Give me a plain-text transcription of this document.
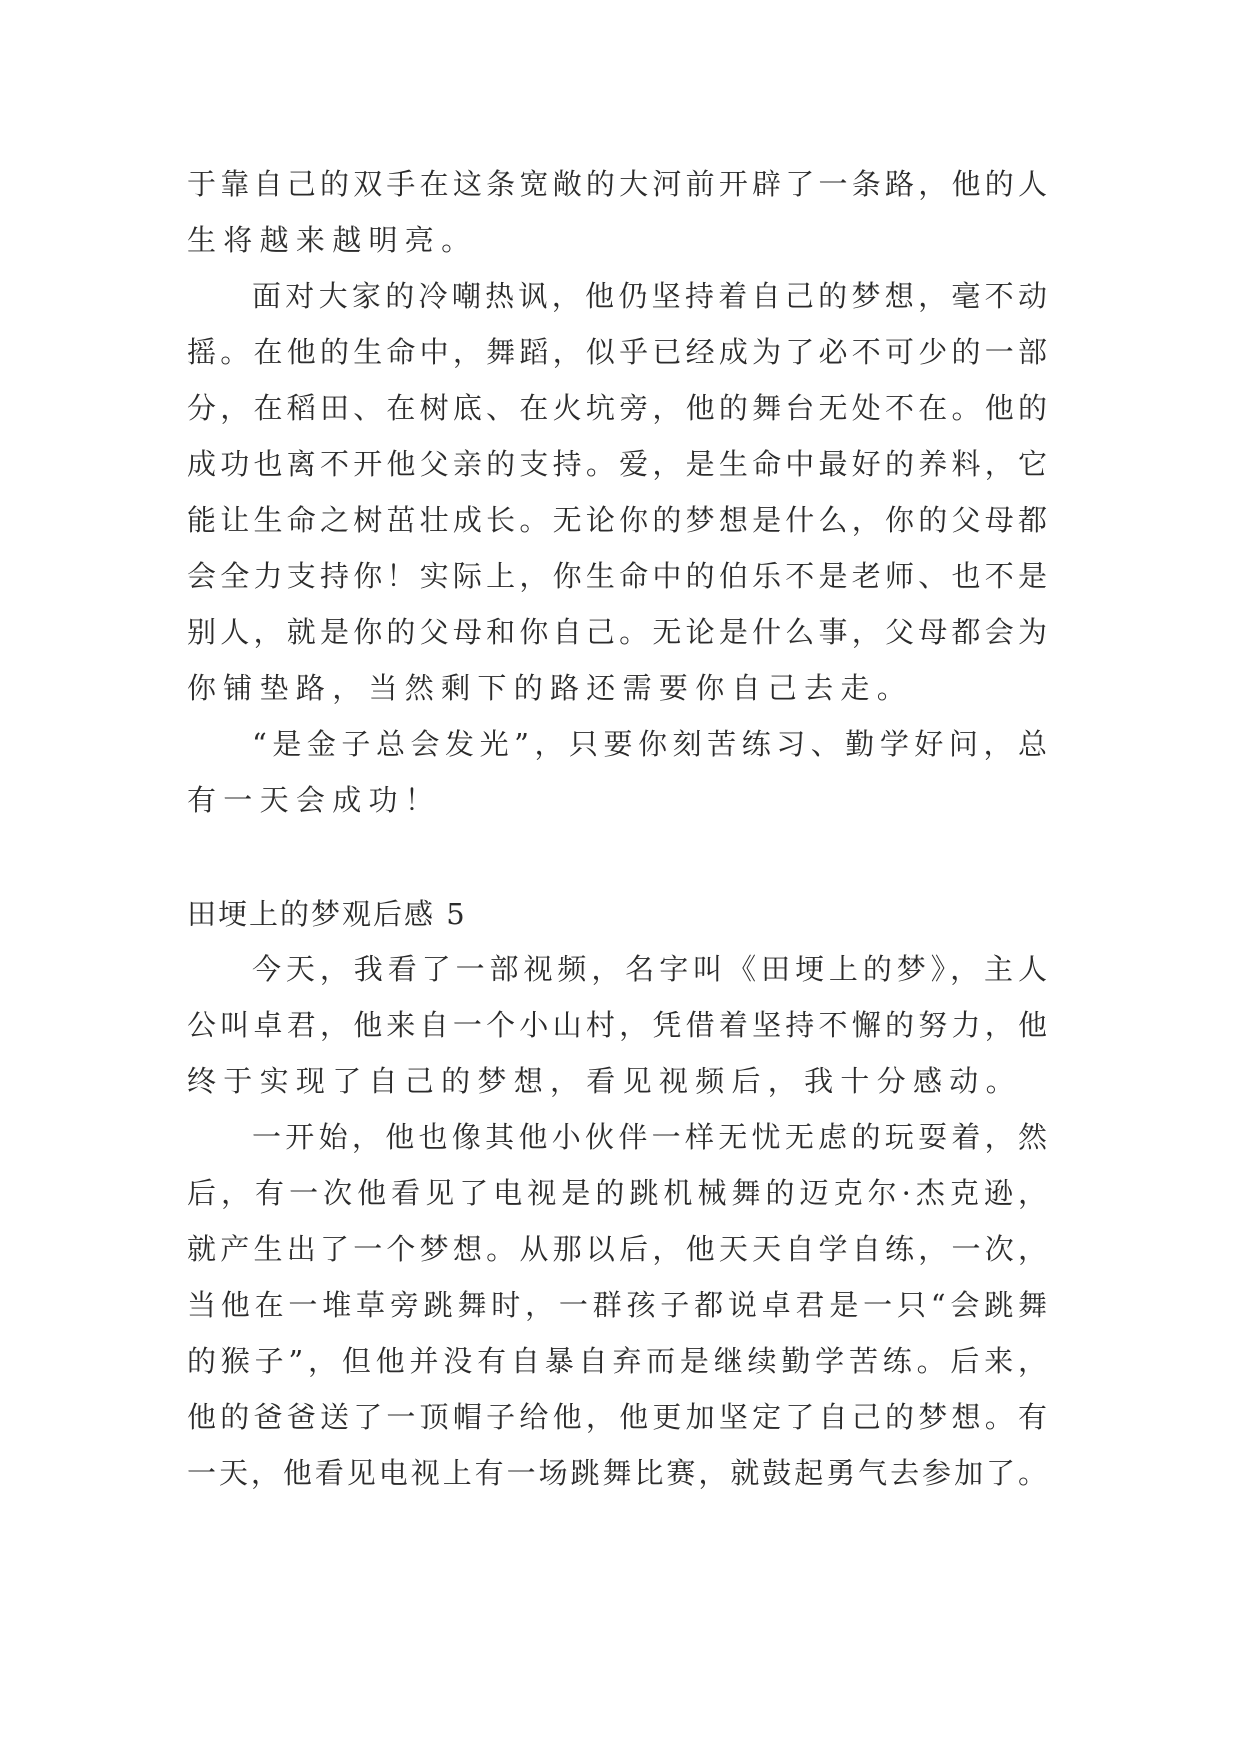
于靠自己的双手在这条宽敞的大河前开辟了一条路，他的人
生将越来越明亮。
面对大家的冷嘲热讽，他仍坚持着自己的梦想，毫不动
摇。在他的生命中，舞蹈，似乎已经成为了必不可少的一部
分，在稻田、在树底、在火坑旁，他的舞台无处不在。他的
成功也离不开他父亲的支持。爱，是生命中最好的养料，它
能让生命之树茁壮成长。无论你的梦想是什么，你的父母都
会全力支持你！实际上，你生命中的伯乐不是老师、也不是
别人，就是你的父母和你自己。无论是什么事，父母都会为
你铺垫路，当然剩下的路还需要你自己去走。
“是金子总会发光”，只要你刻苦练习、勤学好问，总
有一天会成功！
田埂上的梦观后感 5
今天，我看了一部视频，名字叫《田埂上的梦》，主人
公叫卓君，他来自一个小山村，凭借着坚持不懈的努力，他
终于实现了自己的梦想，看见视频后，我十分感动。
一开始，他也像其他小伙伴一样无忧无虑的玩耍着，然
后，有一次他看见了电视是的跳机械舞的迈克尔·杰克逊，
就产生出了一个梦想。从那以后，他天天自学自练，一次，
当他在一堆草旁跳舞时，一群孩子都说卓君是一只“会跳舞
的猴子”，但他并没有自暴自弃而是继续勤学苦练。后来，
他的爸爸送了一顶帽子给他，他更加坚定了自己的梦想。有
一天，他看见电视上有一场跳舞比赛，就鼓起勇气去参加了。
